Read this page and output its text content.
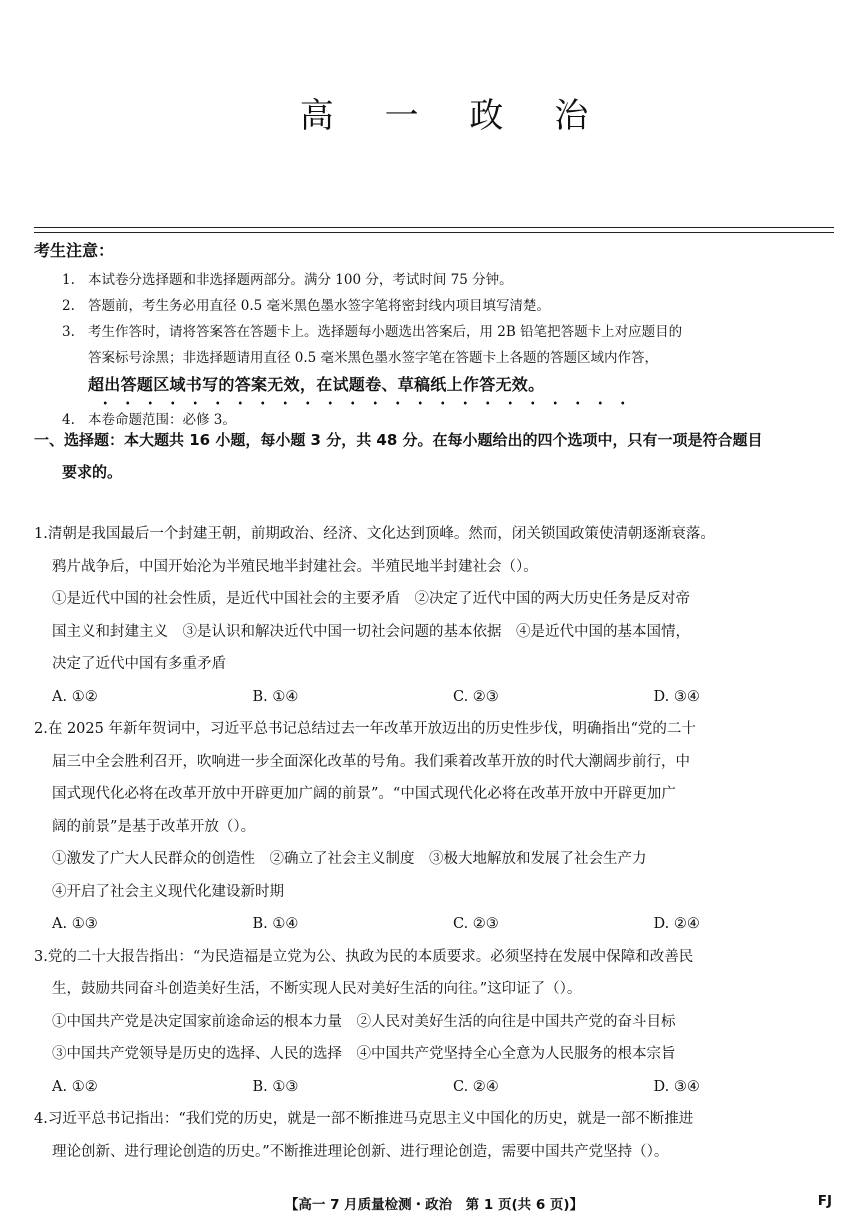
高 一 政 治

考生注意：

1. 本试卷分选择题和非选择题两部分。满分 100 分，考试时间 75 分钟。

2. 答题前，考生务必用直径 0.5 毫米黑色墨水签字笔将密封线内项目填写清楚。

3. 考生作答时，请将答案答在答题卡上。选择题每小题选出答案后，用 2B 铅笔把答题卡上对应题目的

答案标号涂黑；非选择题请用直径 0.5 毫米黑色墨水签字笔在答题卡上各题的答题区域内作答，

超出答题区域书写的答案无效，在试题卷、草稿纸上作答无效。

4. 本卷命题范围：必修 3。

一、选择题：本大题共 16 小题，每小题 3 分，共 48 分。在每小题给出的四个选项中，只有一项是符合题目

要求的。

1.清朝是我国最后一个封建王朝，前期政治、经济、文化达到顶峰。然而，闭关锁国政策使清朝逐渐衰落。

鸦片战争后，中国开始沦为半殖民地半封建社会。半殖民地半封建社会（）。

①是近代中国的社会性质，是近代中国社会的主要矛盾　②决定了近代中国的两大历史任务是反对帝

国主义和封建主义　③是认识和解决近代中国一切社会问题的基本依据　④是近代中国的基本国情，

决定了近代中国有多重矛盾

A. ①②	B. ①④	C. ②③	D. ③④

2.在 2025 年新年贺词中，习近平总书记总结过去一年改革开放迈出的历史性步伐，明确指出“党的二十

届三中全会胜利召开，吹响进一步全面深化改革的号角。我们乘着改革开放的时代大潮阔步前行，中

国式现代化必将在改革开放中开辟更加广阔的前景”。“中国式现代化必将在改革开放中开辟更加广

阔的前景”是基于改革开放（）。

①激发了广大人民群众的创造性　②确立了社会主义制度　③极大地解放和发展了社会生产力

④开启了社会主义现代化建设新时期

A. ①③	B. ①④	C. ②③	D. ②④

3.党的二十大报告指出：“为民造福是立党为公、执政为民的本质要求。必须坚持在发展中保障和改善民

生，鼓励共同奋斗创造美好生活，不断实现人民对美好生活的向往。”这印证了（）。

①中国共产党是决定国家前途命运的根本力量　②人民对美好生活的向往是中国共产党的奋斗目标

③中国共产党领导是历史的选择、人民的选择　④中国共产党坚持全心全意为人民服务的根本宗旨

A. ①②	B. ①③	C. ②④	D. ③④

4.习近平总书记指出：“我们党的历史，就是一部不断推进马克思主义中国化的历史，就是一部不断推进

理论创新、进行理论创造的历史。”不断推进理论创新、进行理论创造，需要中国共产党坚持（）。

【高一 7 月质量检测・政治　第 1 页(共 6 页)】	FJ
